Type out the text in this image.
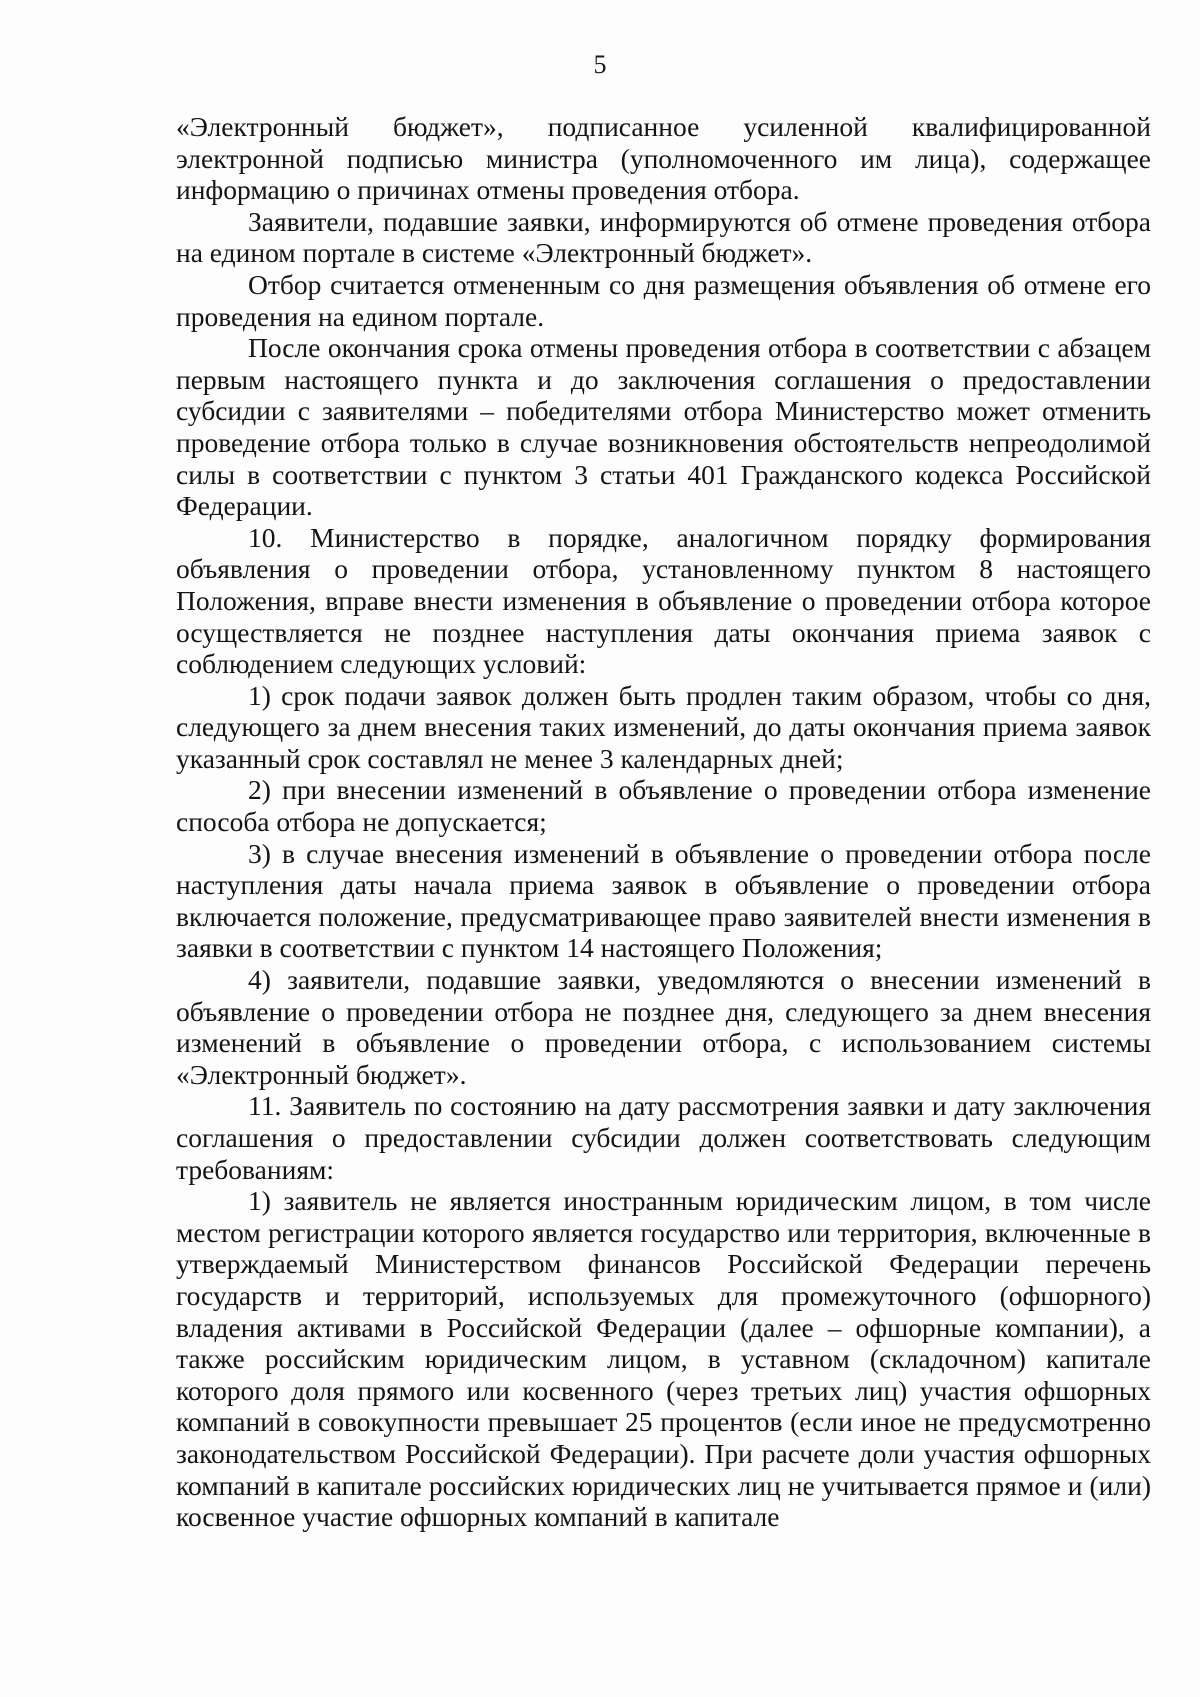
5

«Электронный бюджет», подписанное усиленной квалифицированной электронной подписью министра (уполномоченного им лица), содержащее информацию о причинах отмены проведения отбора.

Заявители, подавшие заявки, информируются об отмене проведения отбора на едином портале в системе «Электронный бюджет».

Отбор считается отмененным со дня размещения объявления об отмене его проведения на едином портале.

После окончания срока отмены проведения отбора в соответствии с абзацем первым настоящего пункта и до заключения соглашения о предоставлении субсидии с заявителями – победителями отбора Министерство может отменить проведение отбора только в случае возникновения обстоятельств непреодолимой силы в соответствии с пунктом 3 статьи 401 Гражданского кодекса Российской Федерации.

10. Министерство в порядке, аналогичном порядку формирования объявления о проведении отбора, установленному пунктом 8 настоящего Положения, вправе внести изменения в объявление о проведении отбора которое осуществляется не позднее наступления даты окончания приема заявок с соблюдением следующих условий:

1) срок подачи заявок должен быть продлен таким образом, чтобы со дня, следующего за днем внесения таких изменений, до даты окончания приема заявок указанный срок составлял не менее 3 календарных дней;

2) при внесении изменений в объявление о проведении отбора изменение способа отбора не допускается;

3) в случае внесения изменений в объявление о проведении отбора после наступления даты начала приема заявок в объявление о проведении отбора включается положение, предусматривающее право заявителей внести изменения в заявки в соответствии с пунктом 14 настоящего Положения;

4) заявители, подавшие заявки, уведомляются о внесении изменений в объявление о проведении отбора не позднее дня, следующего за днем внесения изменений в объявление о проведении отбора, с использованием системы «Электронный бюджет».

11. Заявитель по состоянию на дату рассмотрения заявки и дату заключения соглашения о предоставлении субсидии должен соответствовать следующим требованиям:

1) заявитель не является иностранным юридическим лицом, в том числе местом регистрации которого является государство или территория, включенные в утверждаемый Министерством финансов Российской Федерации перечень государств и территорий, используемых для промежуточного (офшорного) владения активами в Российской Федерации (далее – офшорные компании), а также российским юридическим лицом, в уставном (складочном) капитале которого доля прямого или косвенного (через третьих лиц) участия офшорных компаний в совокупности превышает 25 процентов (если иное не предусмотренно законодательством Российской Федерации). При расчете доли участия офшорных компаний в капитале российских юридических лиц не учитывается прямое и (или) косвенное участие офшорных компаний в капитале
